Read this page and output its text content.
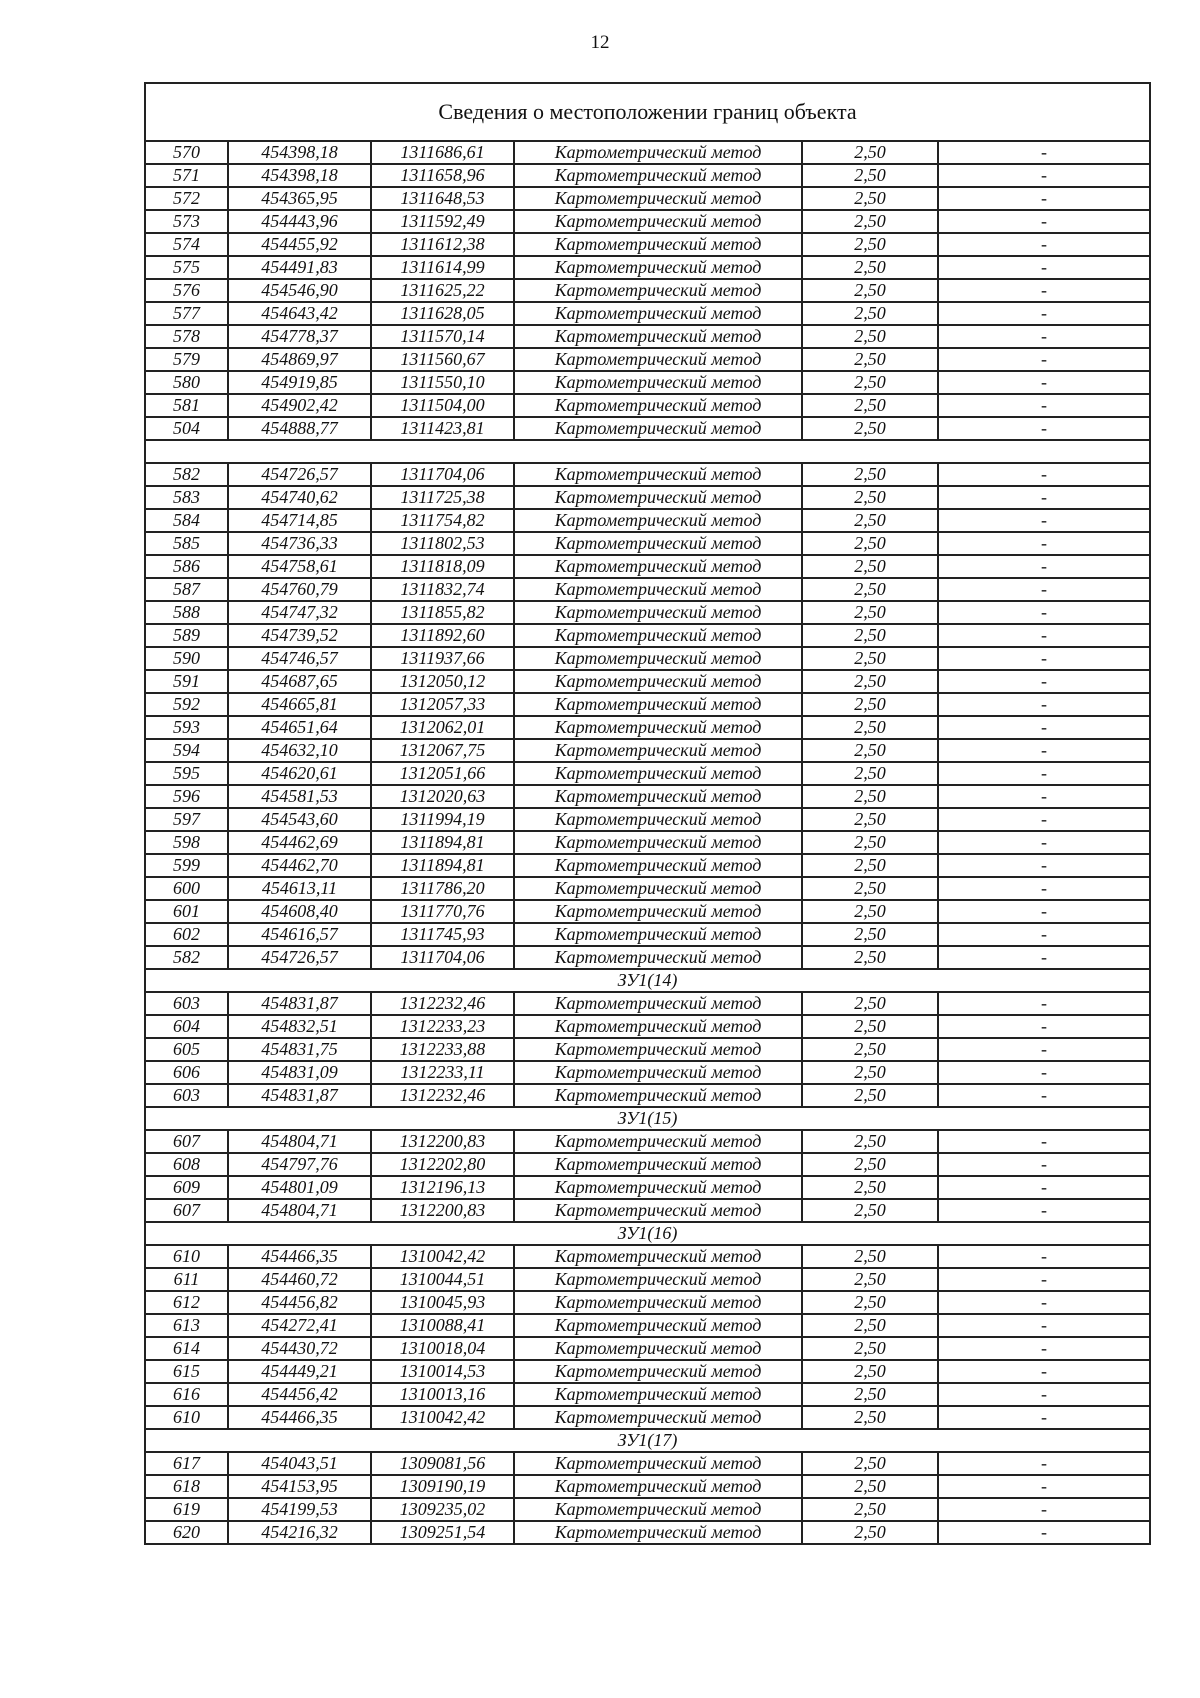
12
Сведения о местоположении границ объекта					
570	454398,18	1311686,61	Картометрический метод	2,50	-
571	454398,18	1311658,96	Картометрический метод	2,50	-
572	454365,95	1311648,53	Картометрический метод	2,50	-
573	454443,96	1311592,49	Картометрический метод	2,50	-
574	454455,92	1311612,38	Картометрический метод	2,50	-
575	454491,83	1311614,99	Картометрический метод	2,50	-
576	454546,90	1311625,22	Картометрический метод	2,50	-
577	454643,42	1311628,05	Картометрический метод	2,50	-
578	454778,37	1311570,14	Картометрический метод	2,50	-
579	454869,97	1311560,67	Картометрический метод	2,50	-
580	454919,85	1311550,10	Картометрический метод	2,50	-
581	454902,42	1311504,00	Картометрический метод	2,50	-
504	454888,77	1311423,81	Картометрический метод	2,50	-

582	454726,57	1311704,06	Картометрический метод	2,50	-
583	454740,62	1311725,38	Картометрический метод	2,50	-
584	454714,85	1311754,82	Картометрический метод	2,50	-
585	454736,33	1311802,53	Картометрический метод	2,50	-
586	454758,61	1311818,09	Картометрический метод	2,50	-
587	454760,79	1311832,74	Картометрический метод	2,50	-
588	454747,32	1311855,82	Картометрический метод	2,50	-
589	454739,52	1311892,60	Картометрический метод	2,50	-
590	454746,57	1311937,66	Картометрический метод	2,50	-
591	454687,65	1312050,12	Картометрический метод	2,50	-
592	454665,81	1312057,33	Картометрический метод	2,50	-
593	454651,64	1312062,01	Картометрический метод	2,50	-
594	454632,10	1312067,75	Картометрический метод	2,50	-
595	454620,61	1312051,66	Картометрический метод	2,50	-
596	454581,53	1312020,63	Картометрический метод	2,50	-
597	454543,60	1311994,19	Картометрический метод	2,50	-
598	454462,69	1311894,81	Картометрический метод	2,50	-
599	454462,70	1311894,81	Картометрический метод	2,50	-
600	454613,11	1311786,20	Картометрический метод	2,50	-
601	454608,40	1311770,76	Картометрический метод	2,50	-
602	454616,57	1311745,93	Картометрический метод	2,50	-
582	454726,57	1311704,06	Картометрический метод	2,50	-
ЗУ1(14)					
603	454831,87	1312232,46	Картометрический метод	2,50	-
604	454832,51	1312233,23	Картометрический метод	2,50	-
605	454831,75	1312233,88	Картометрический метод	2,50	-
606	454831,09	1312233,11	Картометрический метод	2,50	-
603	454831,87	1312232,46	Картометрический метод	2,50	-
ЗУ1(15)					
607	454804,71	1312200,83	Картометрический метод	2,50	-
608	454797,76	1312202,80	Картометрический метод	2,50	-
609	454801,09	1312196,13	Картометрический метод	2,50	-
607	454804,71	1312200,83	Картометрический метод	2,50	-
ЗУ1(16)					
610	454466,35	1310042,42	Картометрический метод	2,50	-
611	454460,72	1310044,51	Картометрический метод	2,50	-
612	454456,82	1310045,93	Картометрический метод	2,50	-
613	454272,41	1310088,41	Картометрический метод	2,50	-
614	454430,72	1310018,04	Картометрический метод	2,50	-
615	454449,21	1310014,53	Картометрический метод	2,50	-
616	454456,42	1310013,16	Картометрический метод	2,50	-
610	454466,35	1310042,42	Картометрический метод	2,50	-
ЗУ1(17)					
617	454043,51	1309081,56	Картометрический метод	2,50	-
618	454153,95	1309190,19	Картометрический метод	2,50	-
619	454199,53	1309235,02	Картометрический метод	2,50	-
620	454216,32	1309251,54	Картометрический метод	2,50	-
